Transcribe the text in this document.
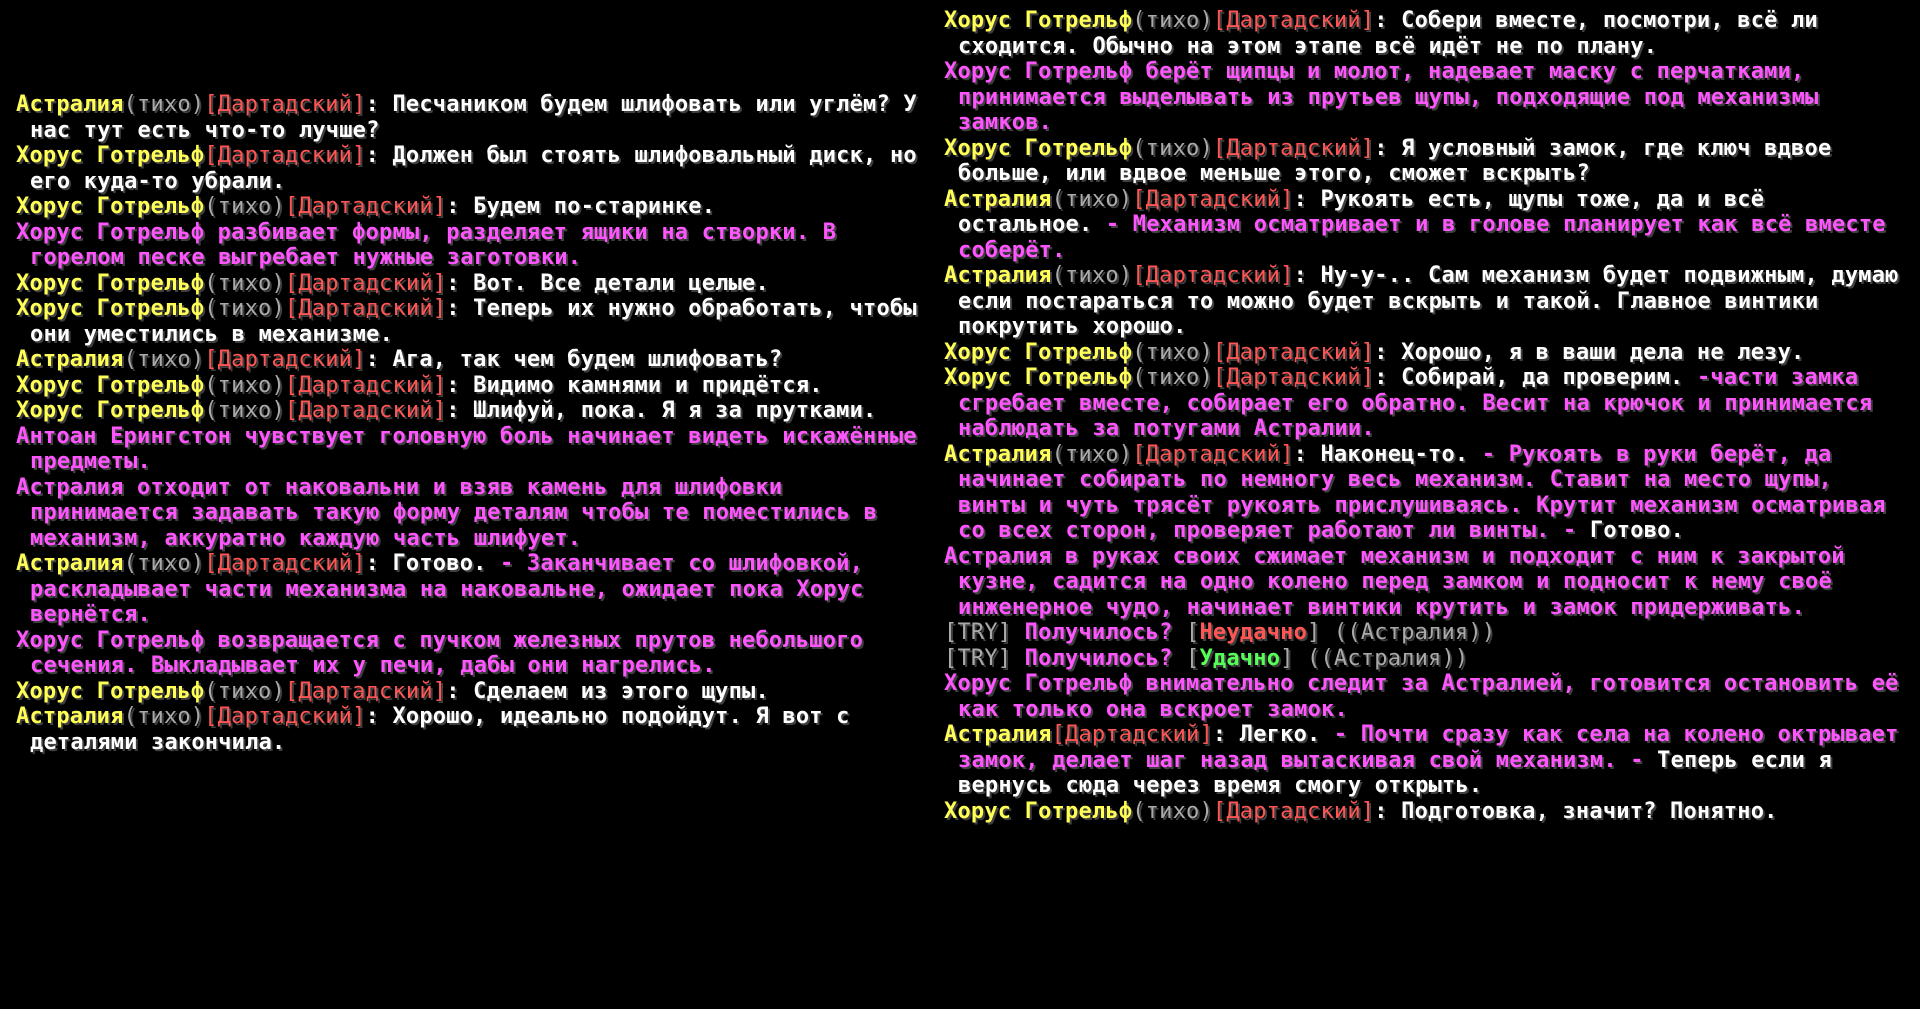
Астралия(тихо)[Дартадский]: Песчаником будем шлифовать или углём? У нас тут есть что-то лучше?
Хорус Готрельф[Дартадский]: Должен был стоять шлифовальный диск, но его куда-то убрали.
Хорус Готрельф(тихо)[Дартадский]: Будем по-старинке.
Хорус Готрельф разбивает формы, разделяет ящики на створки. В горелом песке выгребает нужные заготовки.
Хорус Готрельф(тихо)[Дартадский]: Вот. Все детали целые.
Хорус Готрельф(тихо)[Дартадский]: Теперь их нужно обработать, чтобы они уместились в механизме.
Астралия(тихо)[Дартадский]: Ага, так чем будем шлифовать?
Хорус Готрельф(тихо)[Дартадский]: Видимо камнями и придётся.
Хорус Готрельф(тихо)[Дартадский]: Шлифуй, пока. Я я за прутками.
Антоан Ерингстон чувствует головную боль начинает видеть искажённые предметы.
Астралия отходит от наковальни и взяв камень для шлифовки принимается задавать такую форму деталям чтобы те поместились в механизм, аккуратно каждую часть шлифует.
Астралия(тихо)[Дартадский]: Готово. - Заканчивает со шлифовкой, раскладывает части механизма на наковальне, ожидает пока Хорус вернётся.
Хорус Готрельф возвращается с пучком железных прутов небольшого сечения. Выкладывает их у печи, дабы они нагрелись.
Хорус Готрельф(тихо)[Дартадский]: Сделаем из этого щупы.
Астралия(тихо)[Дартадский]: Хорошо, идеально подойдут. Я вот с деталями закончила.
Хорус Готрельф(тихо)[Дартадский]: Собери вместе, посмотри, всё ли сходится. Обычно на этом этапе всё идёт не по плану.
Хорус Готрельф берёт щипцы и молот, надевает маску с перчатками, принимается выделывать из прутьев щупы, подходящие под механизмы замков.
Хорус Готрельф(тихо)[Дартадский]: Я условный замок, где ключ вдвое больше, или вдвое меньше этого, сможет вскрыть?
Астралия(тихо)[Дартадский]: Рукоять есть, щупы тоже, да и всё остальное. - Механизм осматривает и в голове планирует как всё вместе соберёт.
Астралия(тихо)[Дартадский]: Ну-у-.. Сам механизм будет подвижным, думаю если постараться то можно будет вскрыть и такой. Главное винтики покрутить хорошо.
Хорус Готрельф(тихо)[Дартадский]: Хорошо, я в ваши дела не лезу.
Хорус Готрельф(тихо)[Дартадский]: Собирай, да проверим. -части замка сгребает вместе, собирает его обратно. Весит на крючок и принимается наблюдать за потугами Астралии.
Астралия(тихо)[Дартадский]: Наконец-то. - Рукоять в руки берёт, да начинает собирать по немногу весь механизм. Ставит на место щупы, винты и чуть трясёт рукоять прислушиваясь. Крутит механизм осматривая со всех сторон, проверяет работают ли винты. - Готово.
Астралия в руках своих сжимает механизм и подходит с ним к закрытой кузне, садится на одно колено перед замком и подносит к нему своё инженерное чудо, начинает винтики крутить и замок придерживать.
[TRY] Получилось? [Неудачно] ((Астралия))
[TRY] Получилось? [Удачно] ((Астралия))
Хорус Готрельф внимательно следит за Астралией, готовится остановить её как только она вскроет замок.
Астралия[Дартадский]: Легко. - Почти сразу как села на колено октрывает замок, делает шаг назад вытаскивая свой механизм. - Теперь если я вернусь сюда через время смогу открыть.
Хорус Готрельф(тихо)[Дартадский]: Подготовка, значит? Понятно.
